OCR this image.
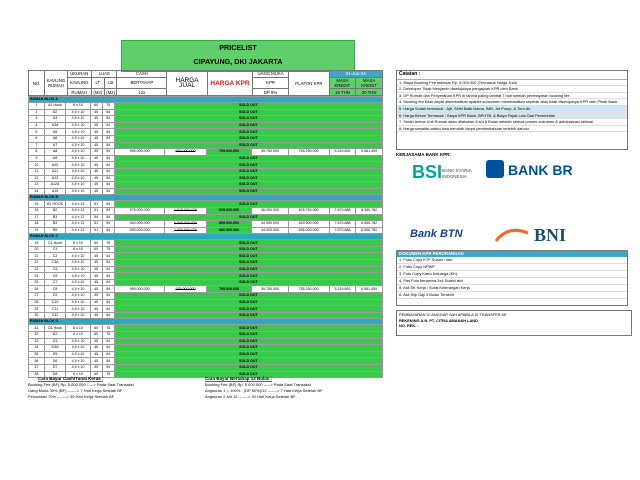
PRICELIST
CIPAYUNG, DKI JAKARTA
NO.	KAVLING RUMAH	UKURAN	LUAS		CASH	HARGA
JUAL	HARGA KPR	UANG MUKA	PLAFON KPR	01-Jun-24	
		KAVLING	LT	LB	BERTAHAP			KPR		MASA
KREDIT	MASA
KREDIT
		RUMAH	(M2)	(M2)	12x			DP 5%		15 THN	20 THN
RUMAH BLOK A											
1	A1 Hook	6 x 10	60	75	SOLD OUT						
2	A2	4,5 x 10	45	54	SOLD OUT						
3	A3	4,5 x 10	45	54	SOLD OUT						
4	A3a	4,5 x 10	45	54	SOLD OUT						
5	A5	4,5 x 10	45	54	SOLD OUT						
6	A6	4,5 x 10	45	54	SOLD OUT						
7	A7	4,5 x 10	45	54	SOLD OUT						
8	A8	4,5 x 10	45	54	995.000.000	935.000.000	795.000.000	39.750.000	755.250.000	5.319.892	5.581.459
9	A9	4,5 x 10	45	54	SOLD OUT						
10	A10	4,5 x 10	45	54	SOLD OUT						
11	A11	4,5 x 10	45	54	SOLD OUT						
12	A12	4,5 x 10	45	54	SOLD OUT						
13	A12A	4,5 x 10	45	54	SOLD OUT						
14	A15	4,5 x 10	45	54	SOLD OUT						
RUMAH BLOK B											
15	B1 HOOK	4,4 x 13	51	54	SOLD OUT						
16	B2	4,4 x 12	51	54	975.000.000	1.075.000.000	925.000.000	46.250.000	878.750.000	7.670.888	8.350.762
17	B3	4,4 x 12	54	54	SOLD OUT						
18	B3	4,4 x 12	51	54	940.000.000	1.040.000.000	899.000.000	44.900.000	843.500.000	7.670.888	8.550.782
19	B5	4,4 x 12	51	54	930.000.000	1.030.000.000	880.000.000	44.000.000	836.000.000	7.670.888	8.550.782
RUMAH BLOK C											
19	C1 Hook	6 x 10	60	75	SOLD OUT						
20	C3	6 x 10	60	75	SOLD OUT						
21	C2	4,5 x 10	45	54	SOLD OUT						
22	C3A	4,5 x 10	45	54	SOLD OUT						
23	C5	4,5 x 10	45	54	SOLD OUT						
24	C6	4,5 x 10	45	54	SOLD OUT						
25	C7	4,5 x 10	45	54	SOLD OUT						
26	C8	4,5 x 10	45	54	995.000.000	935.000.000	795.000.000	39.750.000	755.250.000	5.319.892	5.581.459
27	C9	4,5 x 10	45	54	SOLD OUT						
28	C10	4,5 x 10	45	54	SOLD OUT						
29	C11	4,5 x 10	45	54	SOLD OUT						
30	C12	4,5 x 10	45	54	SOLD OUT						
RUMAH BLOK D											
31	D1 Hook	6 x 10	60	75	SOLD OUT						
32	D2	6 x 10	60	75	SOLD OUT						
33	D3	4,5 x 10	45	54	SOLD OUT						
34	D3A	4,5 x 10	45	54	SOLD OUT						
35	D5	4,5 x 10	45	54	SOLD OUT						
36	D6	4,5 x 10	45	54	SOLD OUT						
37	D7	4,5 x 10	45	54	SOLD OUT						
38	D8	6 x 10	60	75	SOLD OUT						
Cara Bayar Cash/Tunai Keras :	Cara Bayar Bertahap 12 Bulan :
Booking Fee (BF) Rp. 5.000.000 -----> Pada Saat Transaksi
Uang Muka 30% (BF) -------> 7 Hari Kerja Setelah BF
Pelunasan 70% -------> 30 Hari Kerja Setelah BF
Booking Fee (BF) Rp. 5.000.000 -----> Pada Saat Transaksi
Angsuran 1 = 100% - (DP 50%)/12 -------> 7 Hari Kerja Setelah BF
Angsuran 2 s/d 12 -------> 30 Hari Kerja Setelah BF
Catatan :
1. Biaya Booking Fee sebesar Rp. 5.000.000 (Termasuk Harga Jual)
2. Developer Tidak Menjamin disetujuinya pengajuan KPR oleh Bank
3. DP Rumah dan Penyerahan KPR di tanma paling lambat 7 hari setelah pembayaran booking fee
4. Booking fee tidak dapat dikembalikan apabila konsumen membatalkan sepihak atau tidak disetujuinya KPR oleh Pihak Bank
5. Harga Sudah termasuk : Ajb, SHM Balik Nama, IMB, Jet Pump, & Torn Air.
6. Harga Belum Termasuk : Biaya KPR Bank, BPHTB, & Biaya Pajak Lain Dari Pemerintah
7. Serah terima Unit Rumah akan dilakukan 6 s/d 8 Bulan setelah semua proses dokumen & administrasi selesai.
8. Harga sewaktu-waktu bisa berubah tanpa pemberitahuan terlebih dahulu
KERJASAMA BANK KPR:
BSI BANK SYARIAH
INDONESIA	BANK BRI
Bank BTN	BNI
DOKUMEN KPR PERORANGAN
1. Fotio Copy KTP Suami / Istri
2. Fotio Copy NPWP
3. Foto Copy Kartu Keluarga (KK)
4. Pas Foto berwarna 3x4 Suami istri
5. Asli SK Kerja / Surat Keterangan Kerja
6. Asli Slip Gaji 3 Bulan Terakhir
PEMBAYARAN DI ANGGAP SAH APABILA DI TRANSFER KE
REKENING A.N. PT. CITRA AMANAH LAND
NO. REK. :
